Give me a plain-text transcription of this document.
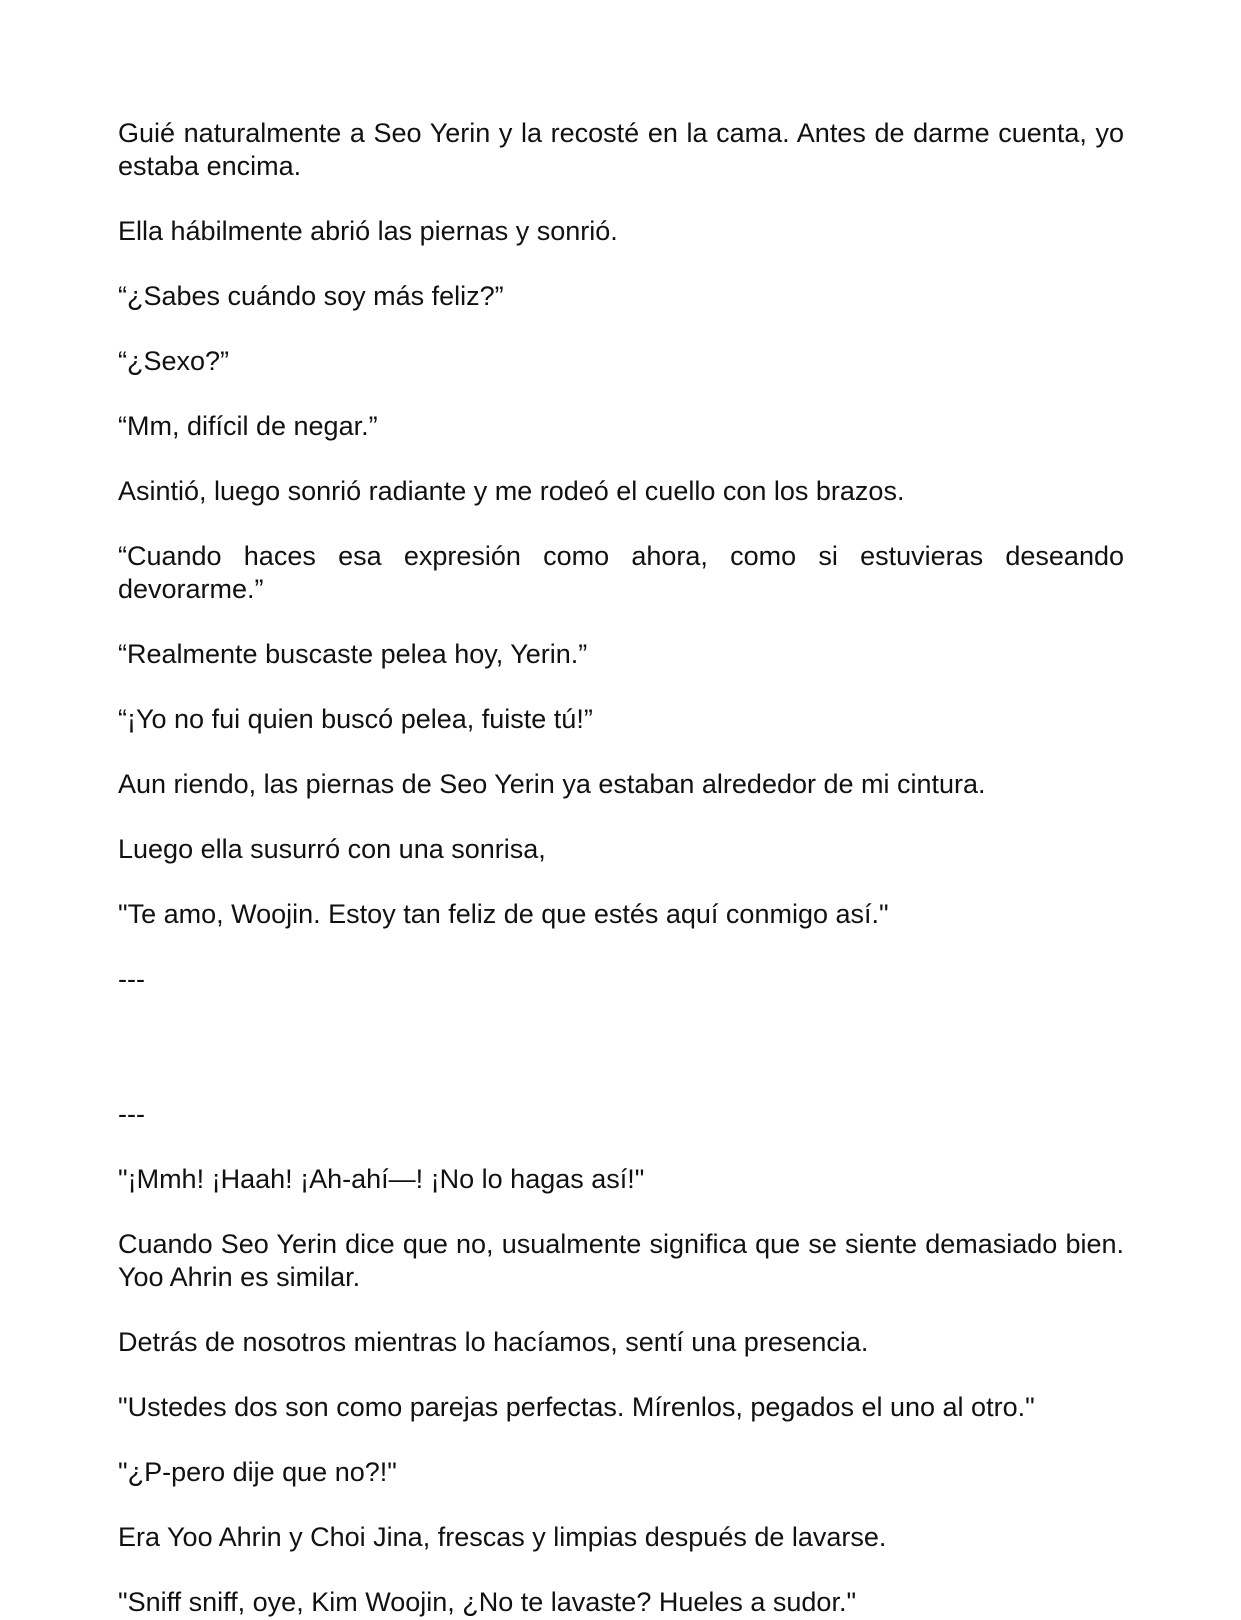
Guié naturalmente a Seo Yerin y la recosté en la cama. Antes de darme cuenta, yo estaba encima.

Ella hábilmente abrió las piernas y sonrió.

“¿Sabes cuándo soy más feliz?”

“¿Sexo?”

“Mm, difícil de negar.”

Asintió, luego sonrió radiante y me rodeó el cuello con los brazos.

“Cuando haces esa expresión como ahora, como si estuvieras deseando devorarme.”

“Realmente buscaste pelea hoy, Yerin.”

“¡Yo no fui quien buscó pelea, fuiste tú!”

Aun riendo, las piernas de Seo Yerin ya estaban alrededor de mi cintura.

Luego ella susurró con una sonrisa,

"Te amo, Woojin. Estoy tan feliz de que estés aquí conmigo así."

---

---

"¡Mmh! ¡Haah! ¡Ah-ahí—! ¡No lo hagas así!"

Cuando Seo Yerin dice que no, usualmente significa que se siente demasiado bien. Yoo Ahrin es similar.

Detrás de nosotros mientras lo hacíamos, sentí una presencia.

"Ustedes dos son como parejas perfectas. Mírenlos, pegados el uno al otro."

"¿P-pero dije que no?!"

Era Yoo Ahrin y Choi Jina, frescas y limpias después de lavarse.

"Sniff sniff, oye, Kim Woojin, ¿No te lavaste? Hueles a sudor."
